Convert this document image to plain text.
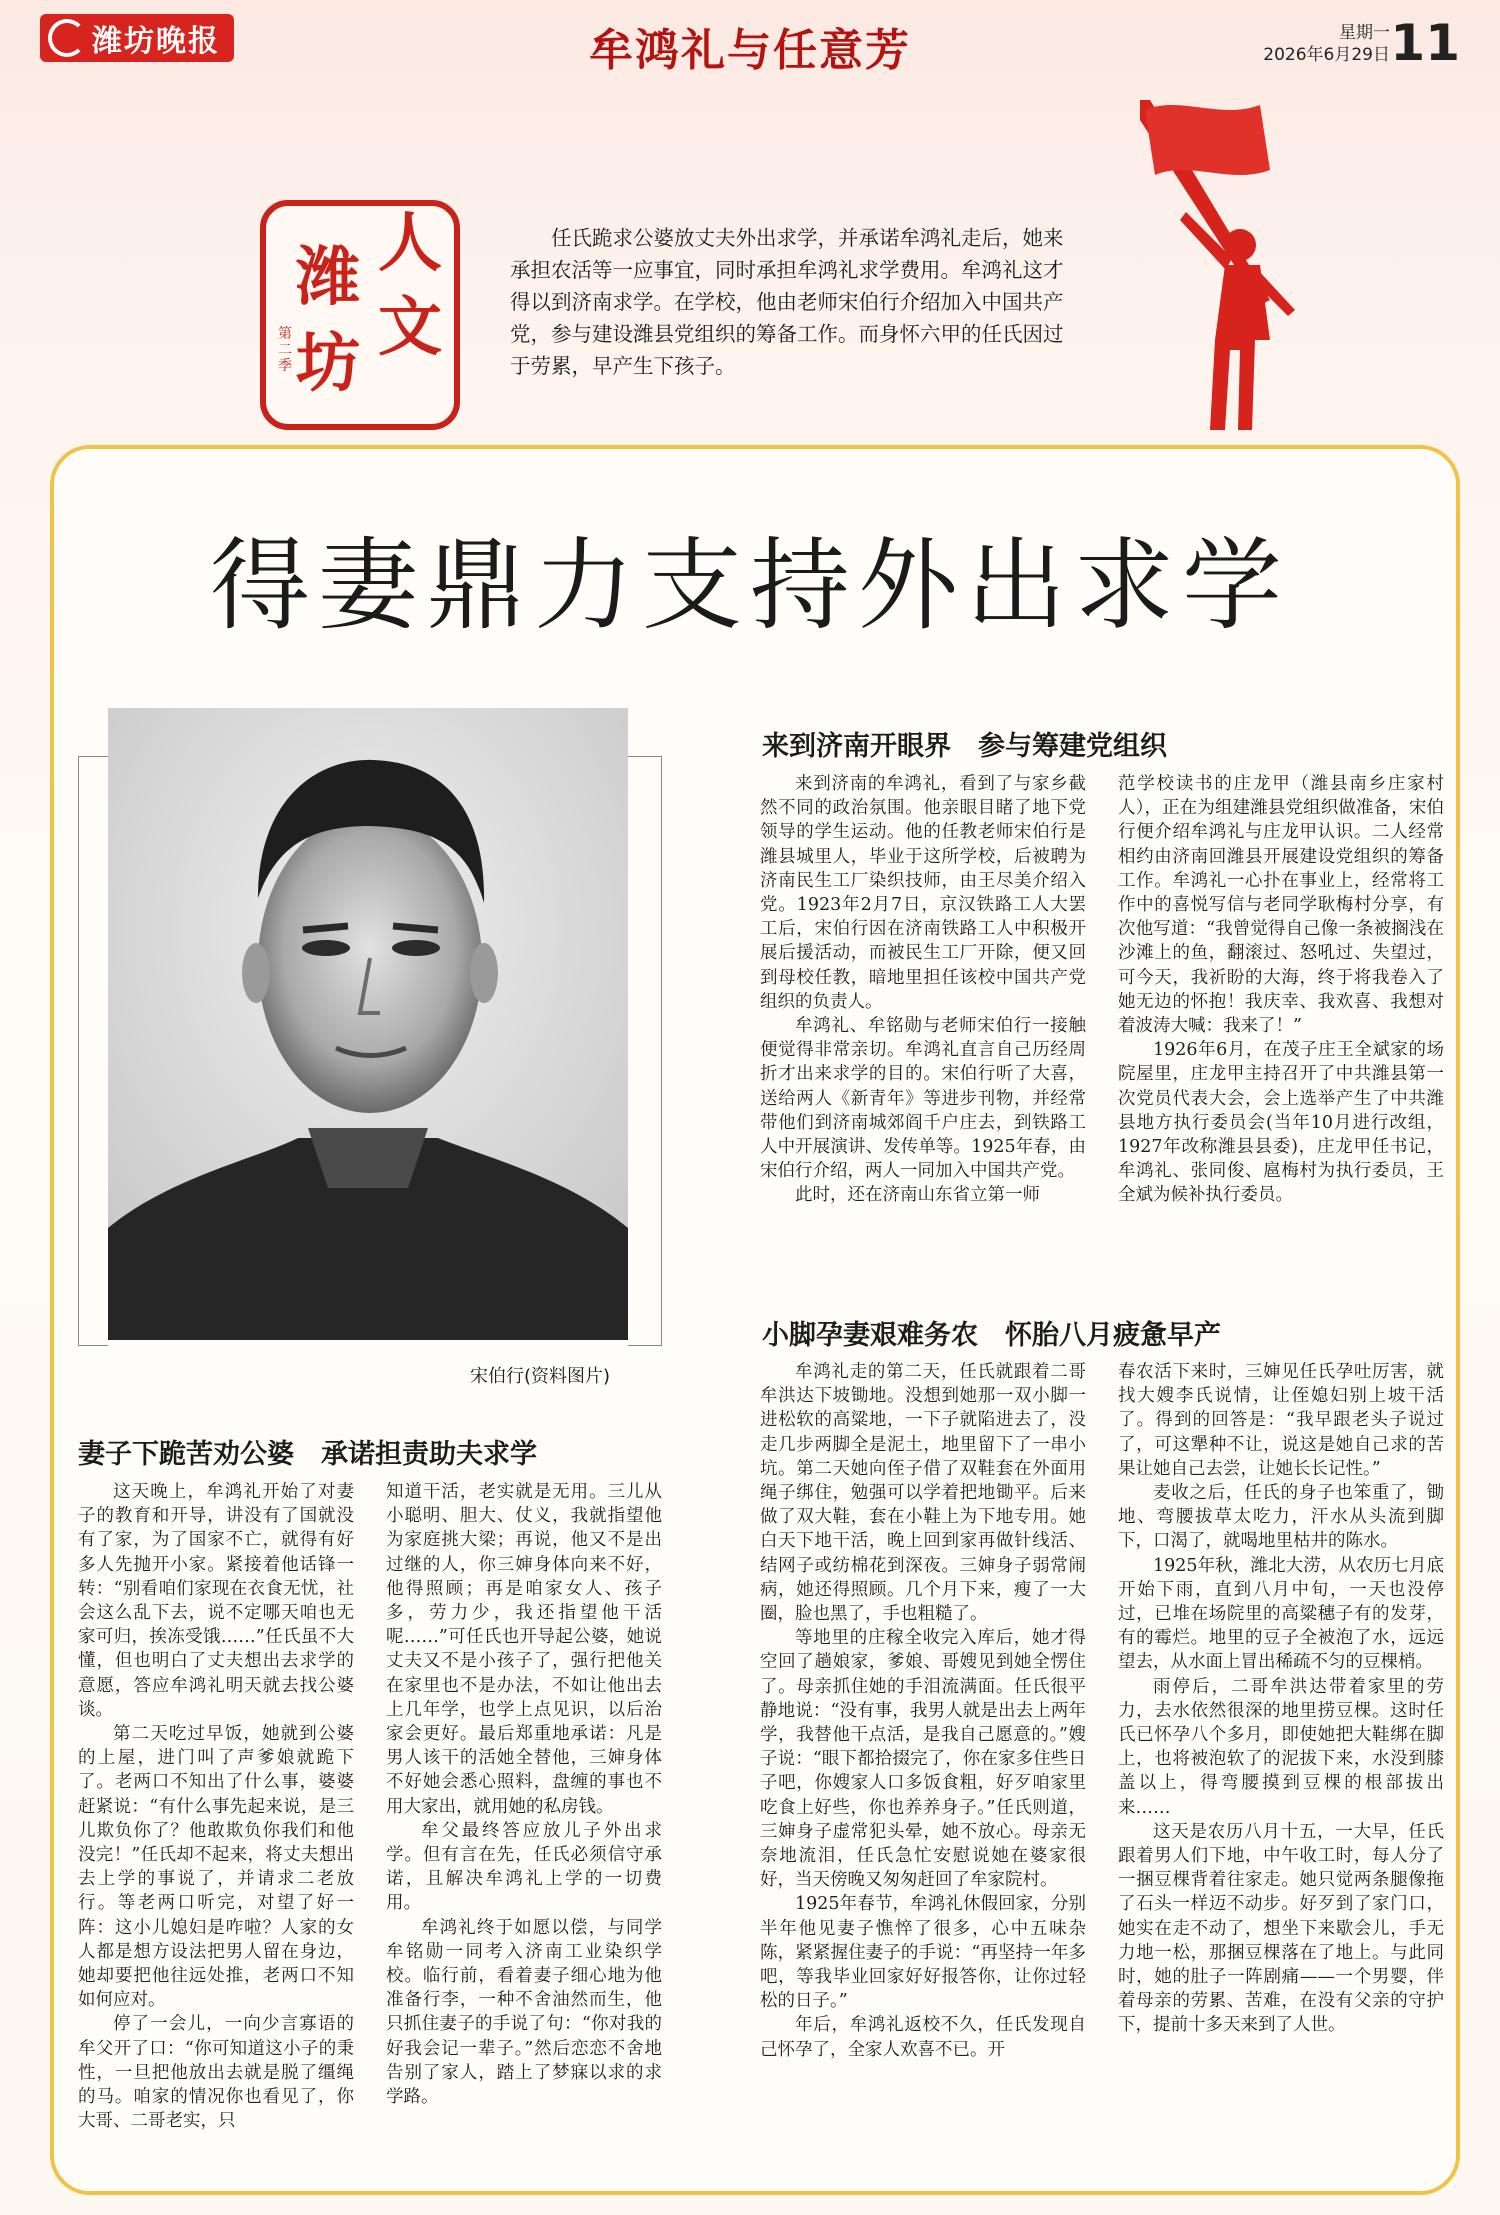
潍坊晚报	牟鸿礼与任意芳	星期一
2026年6月29日 11
人
潍
文
坊
第二季

任氏跪求公婆放丈夫外出求学，并承诺牟鸿礼走后，她来承担农活等一应事宜，同时承担牟鸿礼求学费用。牟鸿礼这才得以到济南求学。在学校，他由老师宋伯行介绍加入中国共产党，参与建设潍县党组织的筹备工作。而身怀六甲的任氏因过于劳累，早产生下孩子。

得妻鼎力支持外出求学
宋伯行(资料图片)
妻子下跪苦劝公婆　承诺担责助夫求学

这天晚上，牟鸿礼开始了对妻子的教育和开导，讲没有了国就没有了家，为了国家不亡，就得有好多人先抛开小家。紧接着他话锋一转：“别看咱们家现在衣食无忧，社会这么乱下去，说不定哪天咱也无家可归，挨冻受饿……”任氏虽不大懂，但也明白了丈夫想出去求学的意愿，答应牟鸿礼明天就去找公婆谈。

第二天吃过早饭，她就到公婆的上屋，进门叫了声爹娘就跪下了。老两口不知出了什么事，婆婆赶紧说：“有什么事先起来说，是三儿欺负你了？他敢欺负你我们和他没完！”任氏却不起来，将丈夫想出去上学的事说了，并请求二老放行。等老两口听完，对望了好一阵：这小儿媳妇是咋啦？人家的女人都是想方设法把男人留在身边，她却要把他往远处推，老两口不知如何应对。

停了一会儿，一向少言寡语的牟父开了口：“你可知道这小子的秉性，一旦把他放出去就是脱了缰绳的马。咱家的情况你也看见了，你大哥、二哥老实，只

知道干活，老实就是无用。三儿从小聪明、胆大、仗义，我就指望他为家庭挑大梁；再说，他又不是出过继的人，你三婶身体向来不好，他得照顾；再是咱家女人、孩子多，劳力少，我还指望他干活呢……”可任氏也开导起公婆，她说丈夫又不是小孩子了，强行把他关在家里也不是办法，不如让他出去上几年学，也学上点见识，以后治家会更好。最后郑重地承诺：凡是男人该干的活她全替他，三婶身体不好她会悉心照料，盘缠的事也不用大家出，就用她的私房钱。

牟父最终答应放儿子外出求学。但有言在先，任氏必须信守承诺，且解决牟鸿礼上学的一切费用。

牟鸿礼终于如愿以偿，与同学牟铭勋一同考入济南工业染织学校。临行前，看着妻子细心地为他准备行李，一种不舍油然而生，他只抓住妻子的手说了句：“你对我的好我会记一辈子。”然后恋恋不舍地告别了家人，踏上了梦寐以求的求学路。

来到济南开眼界　参与筹建党组织

来到济南的牟鸿礼，看到了与家乡截然不同的政治氛围。他亲眼目睹了地下党领导的学生运动。他的任教老师宋伯行是潍县城里人，毕业于这所学校，后被聘为济南民生工厂染织技师，由王尽美介绍入党。1923年2月7日，京汉铁路工人大罢工后，宋伯行因在济南铁路工人中积极开展后援活动，而被民生工厂开除，便又回到母校任教，暗地里担任该校中国共产党组织的负责人。

牟鸿礼、牟铭勋与老师宋伯行一接触便觉得非常亲切。牟鸿礼直言自己历经周折才出来求学的目的。宋伯行听了大喜，送给两人《新青年》等进步刊物，并经常带他们到济南城郊阎千户庄去，到铁路工人中开展演讲、发传单等。1925年春，由宋伯行介绍，两人一同加入中国共产党。

此时，还在济南山东省立第一师

范学校读书的庄龙甲（潍县南乡庄家村人），正在为组建潍县党组织做准备，宋伯行便介绍牟鸿礼与庄龙甲认识。二人经常相约由济南回潍县开展建设党组织的筹备工作。牟鸿礼一心扑在事业上，经常将工作中的喜悦写信与老同学耿梅村分享，有次他写道：“我曾觉得自己像一条被搁浅在沙滩上的鱼，翻滚过、怒吼过、失望过，可今天，我祈盼的大海，终于将我卷入了她无边的怀抱！我庆幸、我欢喜、我想对着波涛大喊：我来了！”

1926年6月，在茂子庄王全斌家的场院屋里，庄龙甲主持召开了中共潍县第一次党员代表大会，会上选举产生了中共潍县地方执行委员会(当年10月进行改组，1927年改称潍县县委)，庄龙甲任书记，牟鸿礼、张同俊、扈梅村为执行委员，王全斌为候补执行委员。

小脚孕妻艰难务农　怀胎八月疲惫早产

牟鸿礼走的第二天，任氏就跟着二哥牟洪达下坡锄地。没想到她那一双小脚一进松软的高粱地，一下子就陷进去了，没走几步两脚全是泥土，地里留下了一串小坑。第二天她向侄子借了双鞋套在外面用绳子绑住，勉强可以学着把地锄平。后来做了双大鞋，套在小鞋上为下地专用。她白天下地干活，晚上回到家再做针线活、结网子或纺棉花到深夜。三婶身子弱常闹病，她还得照顾。几个月下来，瘦了一大圈，脸也黑了，手也粗糙了。

等地里的庄稼全收完入库后，她才得空回了趟娘家，爹娘、哥嫂见到她全愣住了。母亲抓住她的手泪流满面。任氏很平静地说：“没有事，我男人就是出去上两年学，我替他干点活，是我自己愿意的。”嫂子说：“眼下都拾掇完了，你在家多住些日子吧，你嫂家人口多饭食粗，好歹咱家里吃食上好些，你也养养身子。”任氏则道，三婶身子虚常犯头晕，她不放心。母亲无奈地流泪，任氏急忙安慰说她在婆家很好，当天傍晚又匆匆赶回了牟家院村。

1925年春节，牟鸿礼休假回家，分别半年他见妻子憔悴了很多，心中五味杂陈，紧紧握住妻子的手说：“再坚持一年多吧，等我毕业回家好好报答你，让你过轻松的日子。”

年后，牟鸿礼返校不久，任氏发现自己怀孕了，全家人欢喜不已。开

春农活下来时，三婶见任氏孕吐厉害，就找大嫂李氏说情，让侄媳妇别上坡干活了。得到的回答是：“我早跟老头子说过了，可这犟种不让，说这是她自己求的苦果让她自己去尝，让她长长记性。”

麦收之后，任氏的身子也笨重了，锄地、弯腰拔草太吃力，汗水从头流到脚下，口渴了，就喝地里枯井的陈水。

1925年秋，潍北大涝，从农历七月底开始下雨，直到八月中旬，一天也没停过，已堆在场院里的高粱穗子有的发芽，有的霉烂。地里的豆子全被泡了水，远远望去，从水面上冒出稀疏不匀的豆棵梢。

雨停后，二哥牟洪达带着家里的劳力，去水依然很深的地里捞豆棵。这时任氏已怀孕八个多月，即使她把大鞋绑在脚上，也将被泡软了的泥拔下来，水没到膝盖以上，得弯腰摸到豆棵的根部拔出来……

这天是农历八月十五，一大早，任氏跟着男人们下地，中午收工时，每人分了一捆豆棵背着往家走。她只觉两条腿像拖了石头一样迈不动步。好歹到了家门口，她实在走不动了，想坐下来歇会儿，手无力地一松，那捆豆棵落在了地上。与此同时，她的肚子一阵剧痛——一个男婴，伴着母亲的劳累、苦难，在没有父亲的守护下，提前十多天来到了人世。
